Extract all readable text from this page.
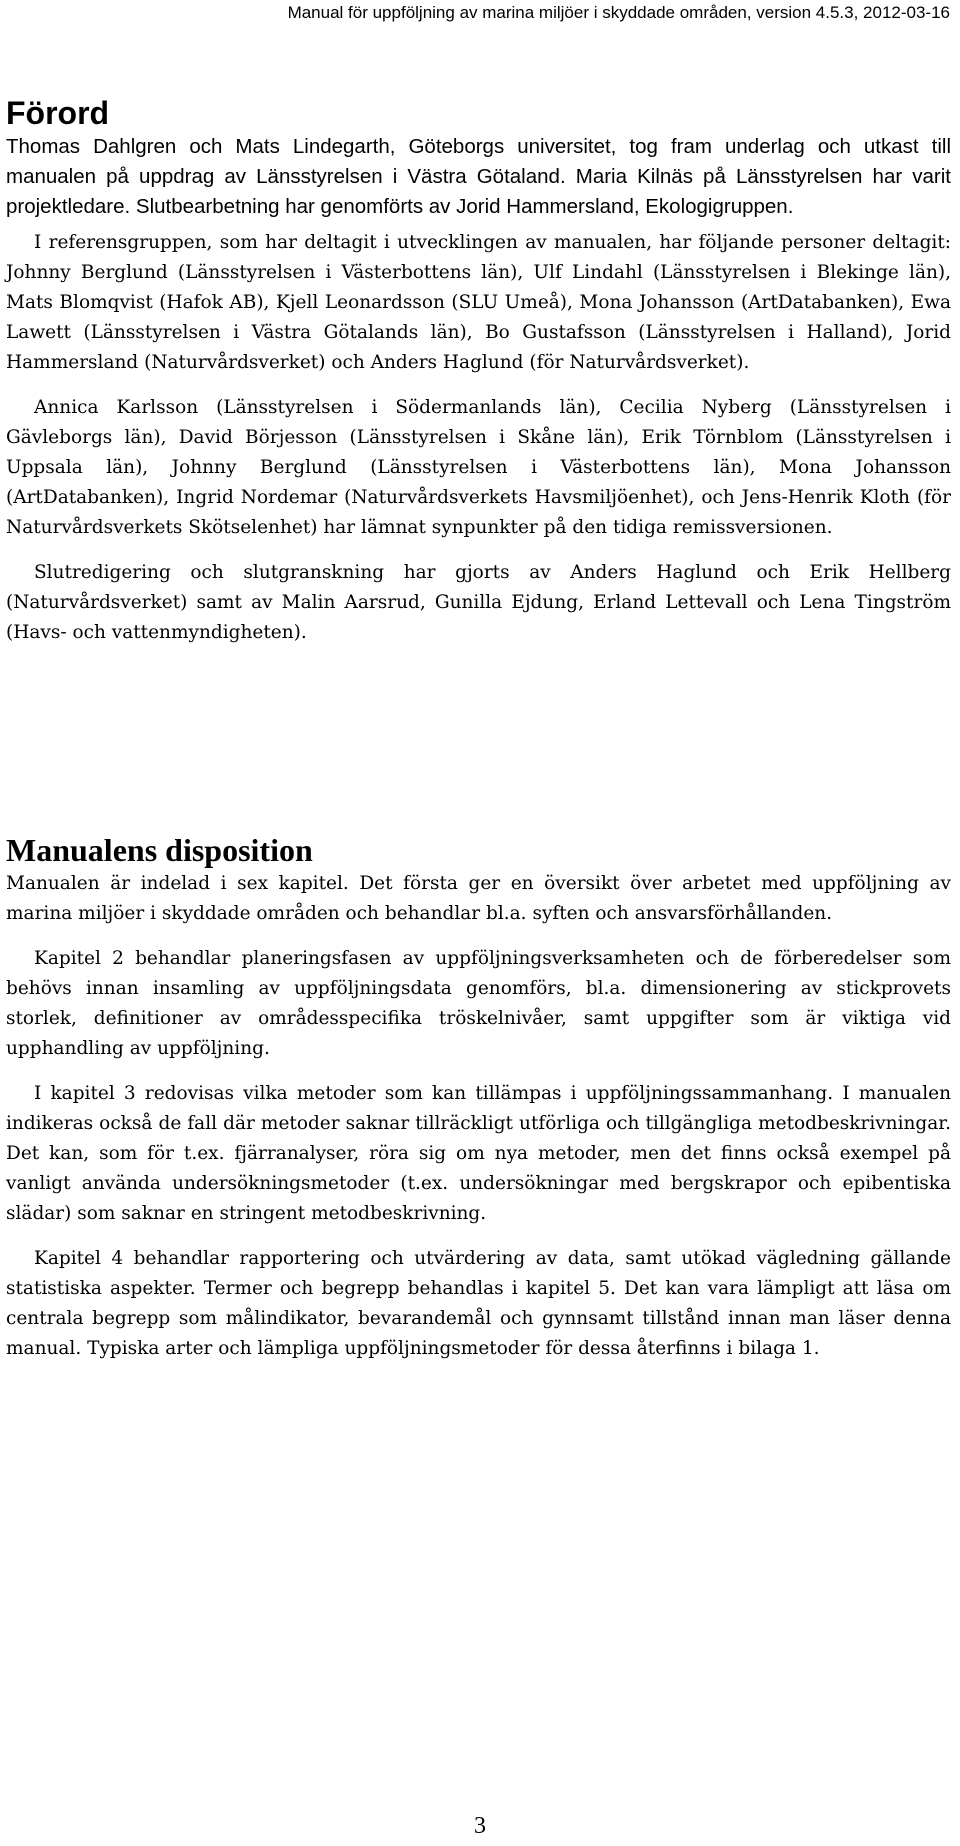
Manual för uppföljning av marina miljöer i skyddade områden, version 4.5.3, 2012-03-16
Förord

Thomas Dahlgren och Mats Lindegarth, Göteborgs universitet, tog fram underlag och utkast till manualen på uppdrag av Länsstyrelsen i Västra Götaland. Maria Kilnäs på Länsstyrelsen har varit projektledare. Slutbearbetning har genomförts av Jorid Hammersland, Ekologigruppen.

I referensgruppen, som har deltagit i utvecklingen av manualen, har följande personer deltagit: Johnny Berglund (Länsstyrelsen i Västerbottens län), Ulf Lindahl (Länsstyrelsen i Blekinge län), Mats Blomqvist (Hafok AB), Kjell Leonardsson (SLU Umeå), Mona Johansson (ArtDatabanken), Ewa Lawett (Länsstyrelsen i Västra Götalands län), Bo Gustafsson (Länsstyrelsen i Halland), Jorid Hammersland (Naturvårdsverket) och Anders Haglund (för Naturvårdsverket).

Annica Karlsson (Länsstyrelsen i Södermanlands län), Cecilia Nyberg (Länsstyrelsen i Gävleborgs län), David Börjesson (Länsstyrelsen i Skåne län), Erik Törnblom (Länsstyrelsen i Uppsala län), Johnny Berglund (Länsstyrelsen i Västerbottens län), Mona Johansson (ArtDatabanken), Ingrid Nordemar (Naturvårdsverkets Havsmiljöenhet), och Jens-Henrik Kloth (för Naturvårdsverkets Skötselenhet) har lämnat synpunkter på den tidiga remissversionen.

Slutredigering och slutgranskning har gjorts av Anders Haglund och Erik Hellberg (Naturvårdsverket) samt av Malin Aarsrud, Gunilla Ejdung, Erland Lettevall och Lena Tingström (Havs- och vattenmyndigheten).

Manualens disposition

Manualen är indelad i sex kapitel. Det första ger en översikt över arbetet med uppföljning av marina miljöer i skyddade områden och behandlar bl.a. syften och ansvarsförhållanden.

Kapitel 2 behandlar planeringsfasen av uppföljningsverksamheten och de förberedelser som behövs innan insamling av uppföljningsdata genomförs, bl.a. dimensionering av stickprovets storlek, definitioner av områdesspecifika tröskelnivåer, samt uppgifter som är viktiga vid upphandling av uppföljning.

I kapitel 3 redovisas vilka metoder som kan tillämpas i uppföljningssammanhang. I manualen indikeras också de fall där metoder saknar tillräckligt utförliga och tillgängliga metodbeskrivningar. Det kan, som för t.ex. fjärranalyser, röra sig om nya metoder, men det finns också exempel på vanligt använda undersökningsmetoder (t.ex. undersökningar med bergskrapor och epibentiska slädar) som saknar en stringent metodbeskrivning.

Kapitel 4 behandlar rapportering och utvärdering av data, samt utökad vägledning gällande statistiska aspekter. Termer och begrepp behandlas i kapitel 5. Det kan vara lämpligt att läsa om centrala begrepp som målindikator, bevarandemål och gynnsamt tillstånd innan man läser denna manual. Typiska arter och lämpliga uppföljningsmetoder för dessa återfinns i bilaga 1.

3
